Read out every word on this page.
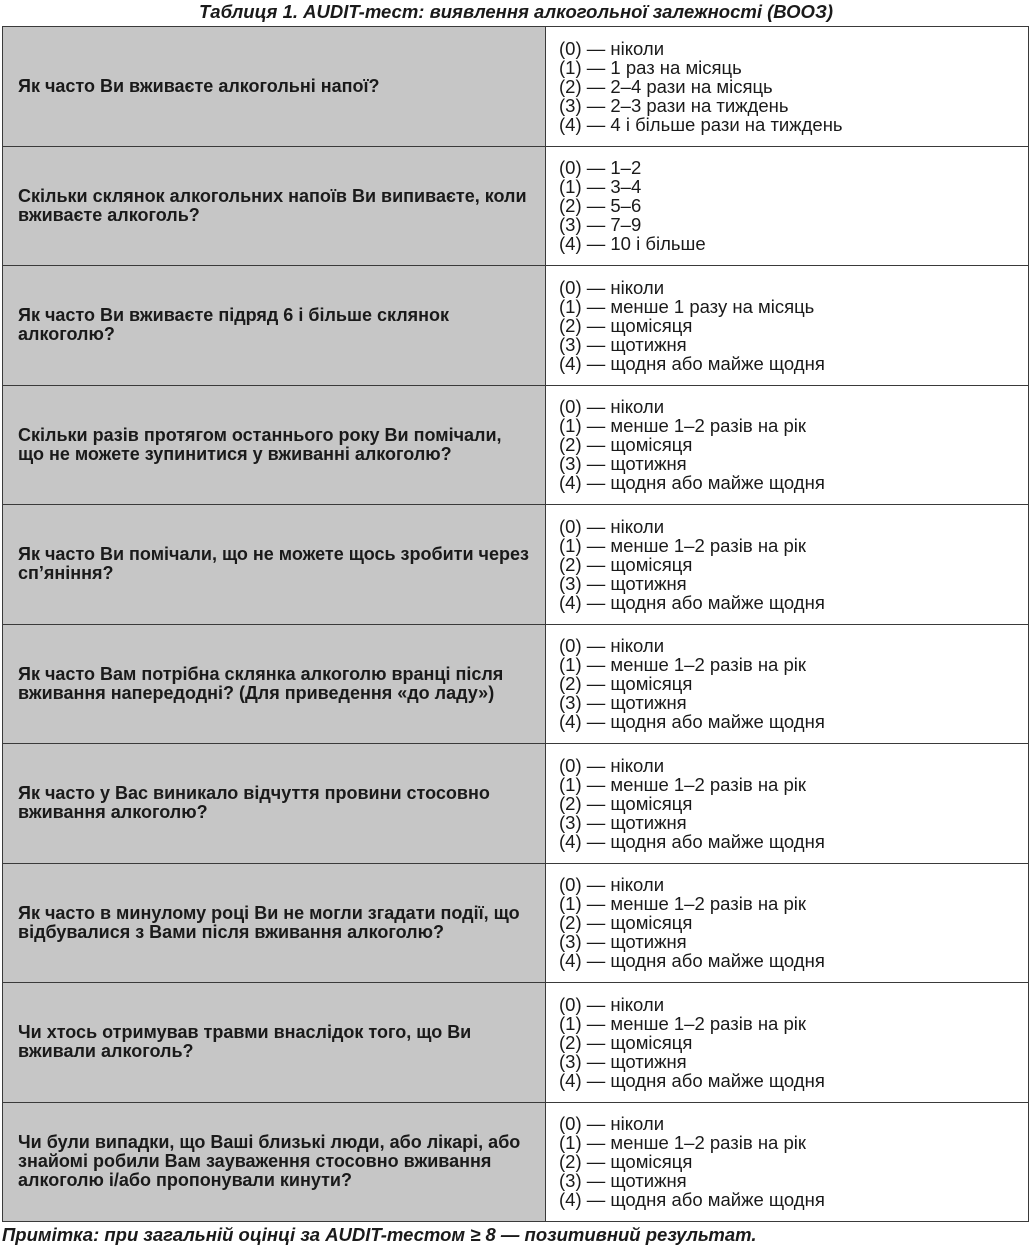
Таблиця 1. AUDIT-тест: виявлення алкогольної залежності (ВООЗ)
Як часто Ви вживаєте алкогольні напої?	(0) — ніколи
(1) — 1 раз на місяць
(2) — 2–4 рази на місяць
(3) — 2–3 рази на тиждень
(4) — 4 і більше рази на тиждень

Скільки склянок алкогольних напоїв Ви випиваєте, коли вживаєте алкоголь?	(0) — 1–2
(1) — 3–4
(2) — 5–6
(3) — 7–9
(4) — 10 і більше

Як часто Ви вживаєте підряд 6 і більше склянок алкоголю?	(0) — ніколи
(1) — менше 1 разу на місяць
(2) — щомісяця
(3) — щотижня
(4) — щодня або майже щодня

Скільки разів протягом останнього року Ви помічали, що не можете зупинитися у вживанні алкоголю?	(0) — ніколи
(1) — менше 1–2 разів на рік
(2) — щомісяця
(3) — щотижня
(4) — щодня або майже щодня

Як часто Ви помічали, що не можете щось зробити через сп’яніння?	(0) — ніколи
(1) — менше 1–2 разів на рік
(2) — щомісяця
(3) — щотижня
(4) — щодня або майже щодня

Як часто Вам потрібна склянка алкоголю вранці після вживання напередодні? (Для приведення «до ладу»)	(0) — ніколи
(1) — менше 1–2 разів на рік
(2) — щомісяця
(3) — щотижня
(4) — щодня або майже щодня

Як часто у Вас виникало відчуття провини стосовно вживання алкоголю?	(0) — ніколи
(1) — менше 1–2 разів на рік
(2) — щомісяця
(3) — щотижня
(4) — щодня або майже щодня

Як часто в минулому році Ви не могли згадати події, що відбувалися з Вами після вживання алкоголю?	(0) — ніколи
(1) — менше 1–2 разів на рік
(2) — щомісяця
(3) — щотижня
(4) — щодня або майже щодня

Чи хтось отримував травми внаслідок того, що Ви вживали алкоголь?	(0) — ніколи
(1) — менше 1–2 разів на рік
(2) — щомісяця
(3) — щотижня
(4) — щодня або майже щодня

Чи були випадки, що Ваші близькі люди, або лікарі, або знайомі робили Вам зауваження стосовно вживання алкоголю і/або пропонували кинути?	(0) — ніколи
(1) — менше 1–2 разів на рік
(2) — щомісяця
(3) — щотижня
(4) — щодня або майже щодня
Примітка: при загальній оцінці за AUDIT-тестом ≥ 8 — позитивний результат.
